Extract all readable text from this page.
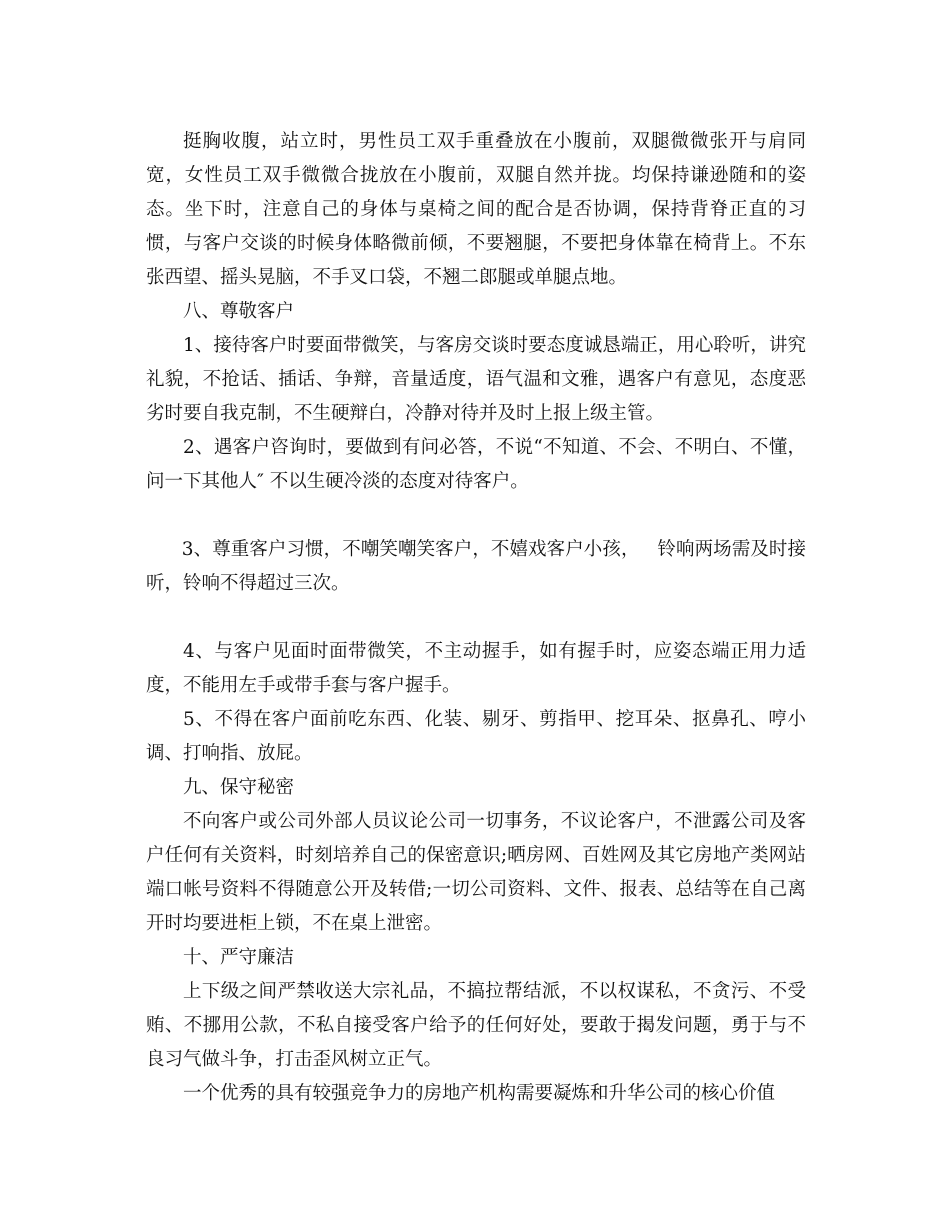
挺胸收腹，站立时，男性员工双手重叠放在小腹前，双腿微微张开与肩同宽，女性员工双手微微合拢放在小腹前，双腿自然并拢。均保持谦逊随和的姿态。坐下时，注意自己的身体与桌椅之间的配合是否协调，保持背脊正直的习惯，与客户交谈的时候身体略微前倾，不要翘腿，不要把身体靠在椅背上。不东张西望、摇头晃脑，不手叉口袋，不翘二郎腿或单腿点地。

八、尊敬客户

1、接待客户时要面带微笑，与客房交谈时要态度诚恳端正，用心聆听，讲究礼貌，不抢话、插话、争辩，音量适度，语气温和文雅，遇客户有意见，态度恶劣时要自我克制，不生硬辩白，冷静对待并及时上报上级主管。

2、遇客户咨询时，要做到有问必答，不说“不知道、不会、不明白、不懂，问一下其他人″ 不以生硬冷淡的态度对待客户。

3、尊重客户习惯，不嘲笑嘲笑客户，不嬉戏客户小孩，   铃响两场需及时接听，铃响不得超过三次。

4、与客户见面时面带微笑，不主动握手，如有握手时，应姿态端正用力适度，不能用左手或带手套与客户握手。

5、不得在客户面前吃东西、化装、剔牙、剪指甲、挖耳朵、抠鼻孔、哼小调、打响指、放屁。

九、保守秘密

不向客户或公司外部人员议论公司一切事务，不议论客户，不泄露公司及客户任何有关资料，时刻培养自己的保密意识;晒房网、百姓网及其它房地产类网站端口帐号资料不得随意公开及转借;一切公司资料、文件、报表、总结等在自己离开时均要进柜上锁，不在桌上泄密。

十、严守廉洁

上下级之间严禁收送大宗礼品，不搞拉帮结派，不以权谋私，不贪污、不受贿、不挪用公款，不私自接受客户给予的任何好处，要敢于揭发问题，勇于与不良习气做斗争，打击歪风树立正气。

一个优秀的具有较强竞争力的房地产机构需要凝炼和升华公司的核心价值
